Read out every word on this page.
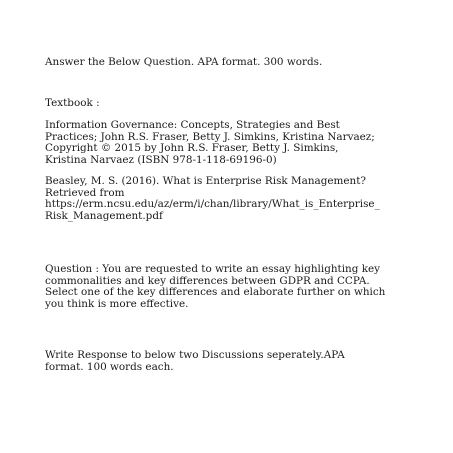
Answer the Below Question. APA format. 300 words.

Textbook :

Information Governance: Concepts, Strategies and Best
Practices; John R.S. Fraser, Betty J. Simkins, Kristina Narvaez;
Copyright © 2015 by John R.S. Fraser, Betty J. Simkins,
Kristina Narvaez (ISBN 978-1-118-69196-0)

Beasley, M. S. (2016). What is Enterprise Risk Management?
Retrieved from
https://erm.ncsu.edu/az/erm/i/chan/library/What_is_Enterprise_
Risk_Management.pdf

Question : You are requested to write an essay highlighting key
commonalities and key differences between GDPR and CCPA.
Select one of the key differences and elaborate further on which
you think is more effective.

Write Response to below two Discussions seperately.APA
format. 100 words each.
